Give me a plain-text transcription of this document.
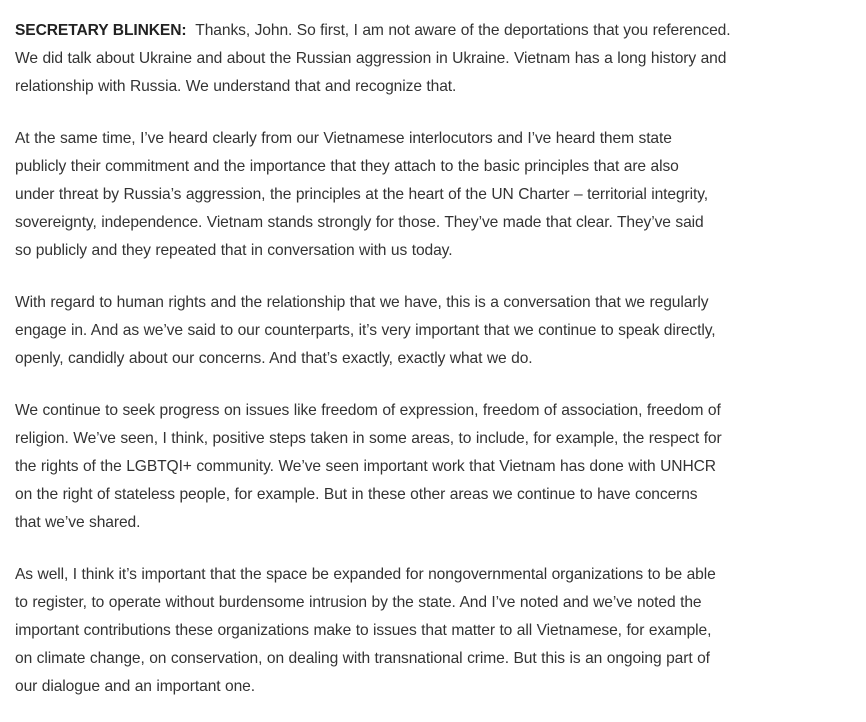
SECRETARY BLINKEN: Thanks, John. So first, I am not aware of the deportations that you referenced.
We did talk about Ukraine and about the Russian aggression in Ukraine. Vietnam has a long history and
relationship with Russia. We understand that and recognize that.

At the same time, I’ve heard clearly from our Vietnamese interlocutors and I’ve heard them state
publicly their commitment and the importance that they attach to the basic principles that are also
under threat by Russia’s aggression, the principles at the heart of the UN Charter – territorial integrity,
sovereignty, independence. Vietnam stands strongly for those. They’ve made that clear. They’ve said
so publicly and they repeated that in conversation with us today.

With regard to human rights and the relationship that we have, this is a conversation that we regularly
engage in. And as we’ve said to our counterparts, it’s very important that we continue to speak directly,
openly, candidly about our concerns. And that’s exactly, exactly what we do.

We continue to seek progress on issues like freedom of expression, freedom of association, freedom of
religion. We’ve seen, I think, positive steps taken in some areas, to include, for example, the respect for
the rights of the LGBTQI+ community. We’ve seen important work that Vietnam has done with UNHCR
on the right of stateless people, for example. But in these other areas we continue to have concerns
that we’ve shared.

As well, I think it’s important that the space be expanded for nongovernmental organizations to be able
to register, to operate without burdensome intrusion by the state. And I’ve noted and we’ve noted the
important contributions these organizations make to issues that matter to all Vietnamese, for example,
on climate change, on conservation, on dealing with transnational crime. But this is an ongoing part of
our dialogue and an important one.
